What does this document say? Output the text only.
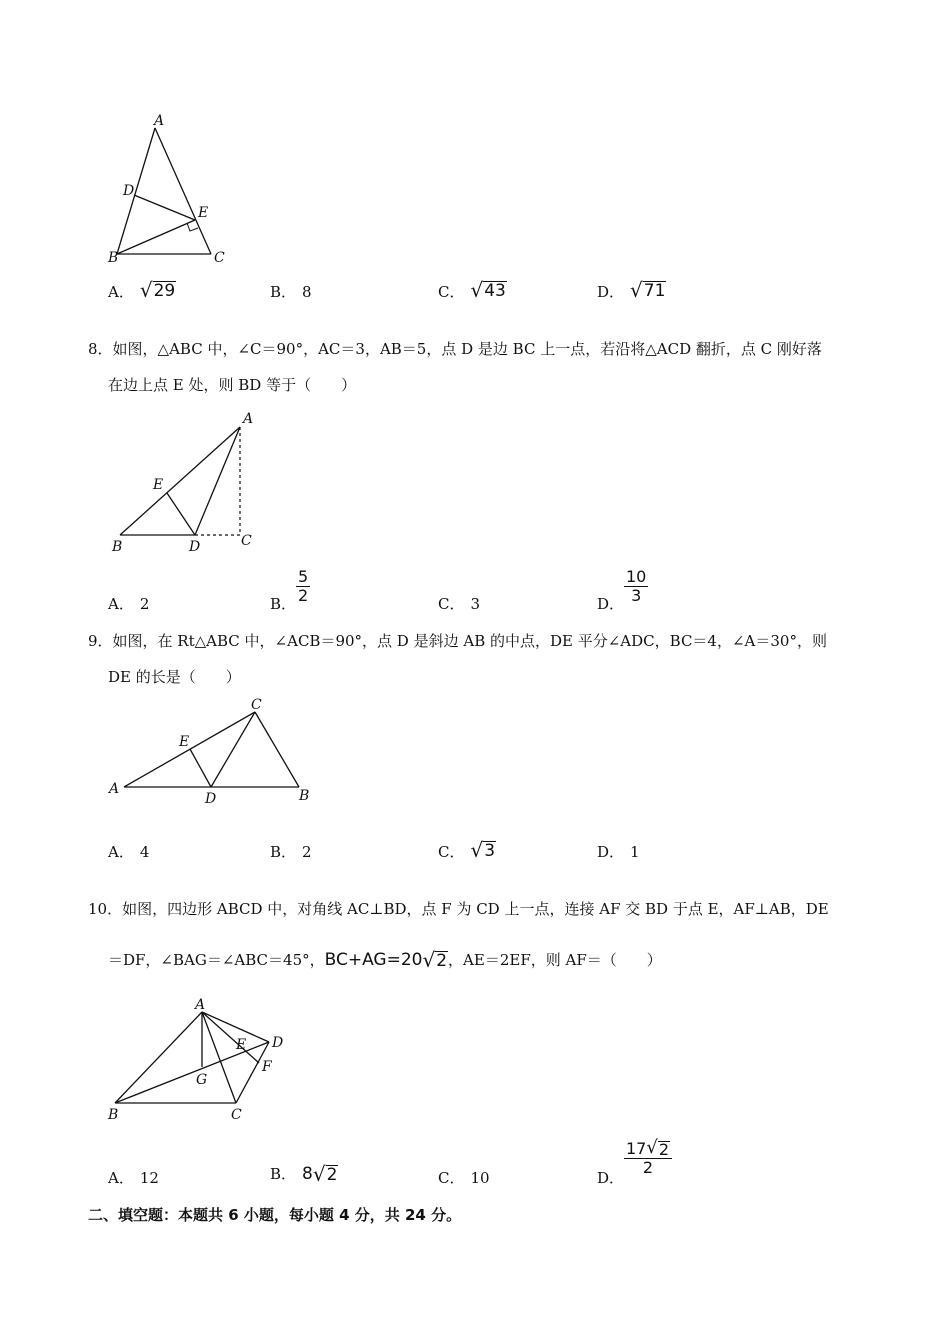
A
D
E
B	C
A． √ 29	B． 8	C． √ 43	D． √ 71
8．如图，△ABC 中，∠C＝90°，AC＝3，AB＝5，点 D 是边 BC 上一点，若沿将△ACD 翻折，点 C 刚好落
在边上点 E 处，则 BD 等于（　　）
A
E
B	D	C
A． 2	B． $\frac{5}{2}$	C． 3	D． $\frac{10}{3}$
9．如图，在 Rt△ABC 中，∠ACB＝90°，点 D 是斜边 AB 的中点，DE 平分∠ADC，BC＝4，∠A＝30°，则
DE 的长是（　　）
C
E
A
D	B
A． 4	B． 2	C． √ 3	D． 1
10．如图，四边形 ABCD 中，对角线 AC⊥BD，点 F 为 CD 上一点，连接 AF 交 BD 于点 E，AF⊥AB，DE
＝DF，∠BAG＝∠ABC＝45°， BC+AG=20 √ 2 ，AE＝2EF，则 AF＝（　　）
A
E D
F
G
B	C
A． 12	B． 8 √ 2	C． 10	D．
$\frac{17 √ 2}{2}$
二、填空题：本题共 6 小题，每小题 4 分，共 24 分。
